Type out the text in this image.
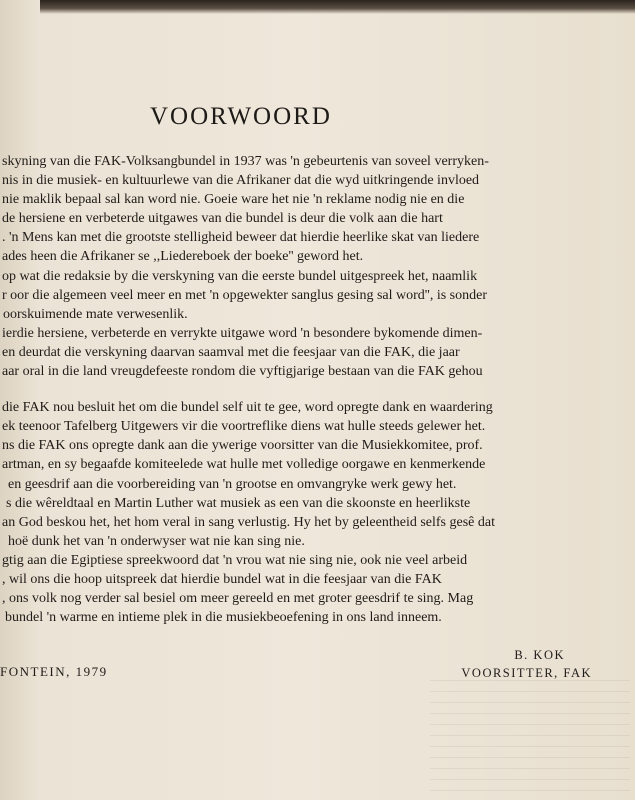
VOORWOORD
skyning van die FAK-Volksangbundel in 1937 was 'n gebeurtenis van soveel verryken-
nis in die musiek- en kultuurlewe van die Afrikaner dat die wyd uitkringende invloed
nie maklik bepaal sal kan word nie. Goeie ware het nie 'n reklame nodig nie en die
de hersiene en verbeterde uitgawes van die bundel is deur die volk aan die hart
. 'n Mens kan met die grootste stelligheid beweer dat hierdie heerlike skat van liedere
ades heen die Afrikaner se ,,Liedereboek der boeke'' geword het.
op wat die redaksie by die verskyning van die eerste bundel uitgespreek het, naamlik
r oor die algemeen veel meer en met 'n opgewekter sanglus gesing sal word'', is sonder
oorskuimende mate verwesenlik.
ierdie hersiene, verbeterde en verrykte uitgawe word 'n besondere bykomende dimen-
en deurdat die verskyning daarvan saamval met die feesjaar van die FAK, die jaar
aar oral in die land vreugdefeeste rondom die vyftigjarige bestaan van die FAK gehou
die FAK nou besluit het om die bundel self uit te gee, word opregte dank en waardering
ek teenoor Tafelberg Uitgewers vir die voortreflike diens wat hulle steeds gelewer het.
ns die FAK ons opregte dank aan die ywerige voorsitter van die Musiekkomitee, prof.
artman, en sy begaafde komiteelede wat hulle met volledige oorgawe en kenmerkende
en geesdrif aan die voorbereiding van 'n grootse en omvangryke werk gewy het.
s die wêreldtaal en Martin Luther wat musiek as een van die skoonste en heerlikste
an God beskou het, het hom veral in sang verlustig. Hy het by geleentheid selfs gesê dat
hoë dunk het van 'n onderwyser wat nie kan sing nie.
gtig aan die Egiptiese spreekwoord dat 'n vrou wat nie sing nie, ook nie veel arbeid
, wil ons die hoop uitspreek dat hierdie bundel wat in die feesjaar van die FAK
, ons volk nog verder sal besiel om meer gereeld en met groter geesdrif te sing. Mag
bundel 'n warme en intieme plek in die musiekbeoefening in ons land inneem.
FONTEIN, 1979
B. KOK
VOORSITTER, FAK
